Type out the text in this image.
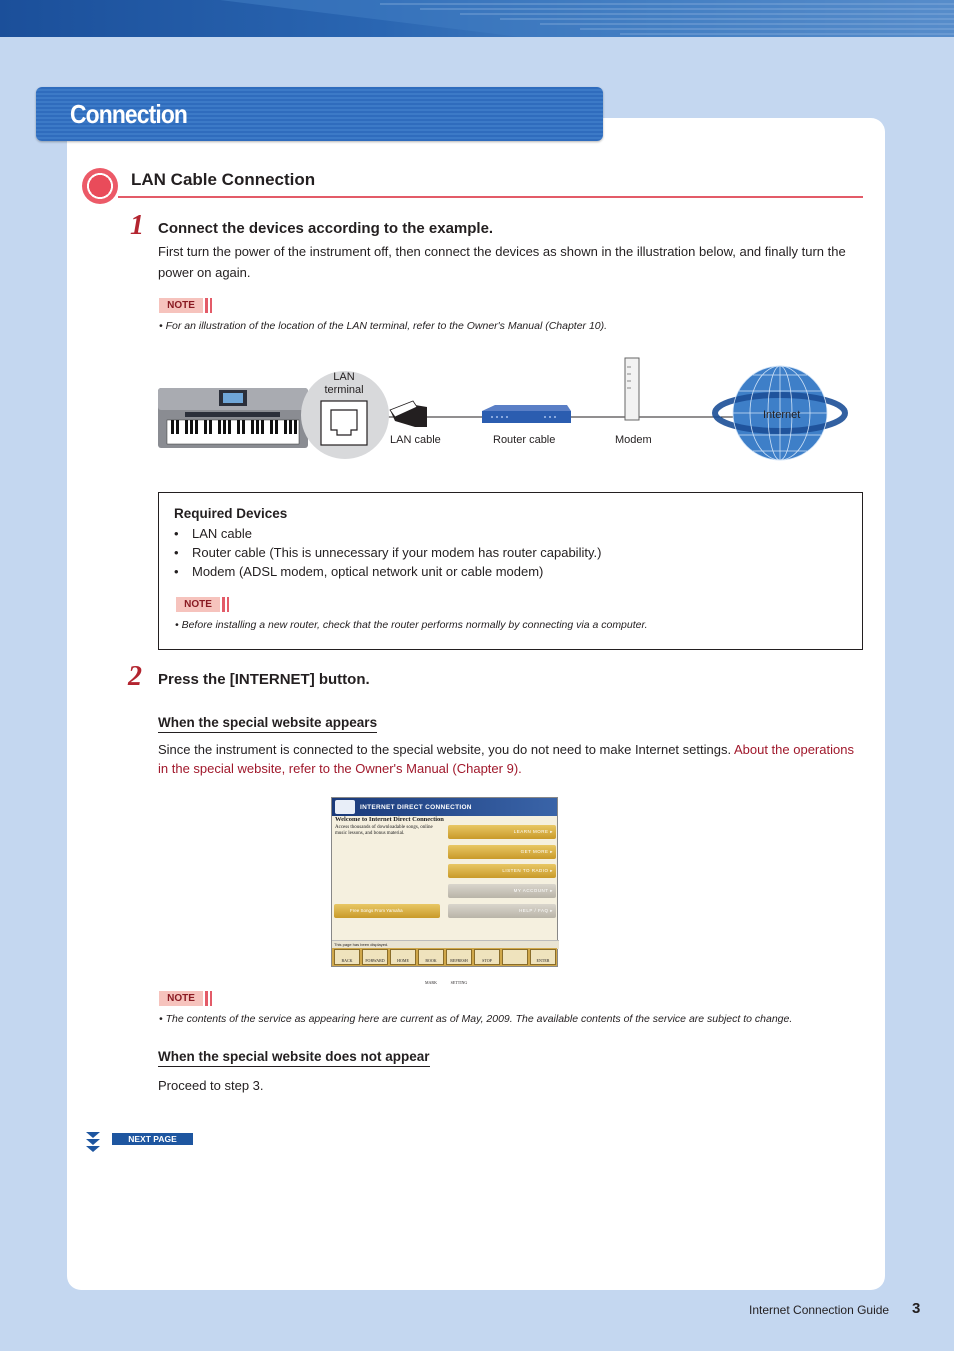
Connection
LAN Cable Connection
1 Connect the devices according to the example.
First turn the power of the instrument off, then connect the devices as shown in the illustration below, and finally turn the power on again.
NOTE
• For an illustration of the location of the LAN terminal, refer to the Owner's Manual (Chapter 10).
LAN
terminal
LAN cable	Router cable	Modem
Internet
Required Devices
• LAN cable
• Router cable (This is unnecessary if your modem has router capability.)
• Modem (ADSL modem, optical network unit or cable modem)
NOTE
• Before installing a new router, check that the router performs normally by connecting via a computer.
2 Press the [INTERNET] button.
When the special website appears
Since the instrument is connected to the special website, you do not need to make Internet settings. About the operations in the special website, refer to the Owner's Manual (Chapter 9).
INTERNET DIRECT CONNECTION
Welcome to Internet Direct Connection
Access thousands of downloadable songs, online music lessons, and bonus material.	LEARN MORE ▸
GET MORE ▸
LISTEN TO RADIO ▸
MY ACCOUNT ▸
HELP / FAQ ▸
Free Songs From Yamaha
This page has been displayed.
BACK	FORWARD	HOME	BOOK MARK
REFRESH SETTING
STOP	ENTER
NOTE
• The contents of the service as appearing here are current as of May, 2009. The available contents of the service are subject to change.
When the special website does not appear
Proceed to step 3.
NEXT PAGE
Internet Connection Guide 3
